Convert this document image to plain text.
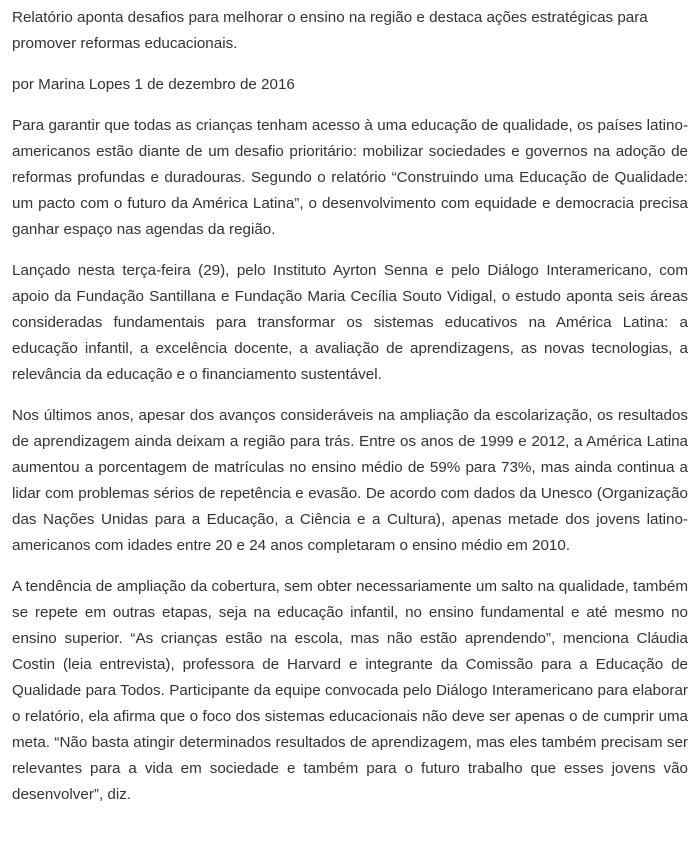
Relatório aponta desafios para melhorar o ensino na região e destaca ações estratégicas para promover reformas educacionais.

por Marina Lopes 1 de dezembro de 2016

Para garantir que todas as crianças tenham acesso à uma educação de qualidade, os países latino-americanos estão diante de um desafio prioritário: mobilizar sociedades e governos na adoção de reformas profundas e duradouras. Segundo o relatório “Construindo uma Educação de Qualidade: um pacto com o futuro da América Latina”, o desenvolvimento com equidade e democracia precisa ganhar espaço nas agendas da região.

Lançado nesta terça-feira (29), pelo Instituto Ayrton Senna e pelo Diálogo Interamericano, com apoio da Fundação Santillana e Fundação Maria Cecília Souto Vidigal, o estudo aponta seis áreas consideradas fundamentais para transformar os sistemas educativos na América Latina: a educação infantil, a excelência docente, a avaliação de aprendizagens, as novas tecnologias, a relevância da educação e o financiamento sustentável.

Nos últimos anos, apesar dos avanços consideráveis na ampliação da escolarização, os resultados de aprendizagem ainda deixam a região para trás. Entre os anos de 1999 e 2012, a América Latina aumentou a porcentagem de matrículas no ensino médio de 59% para 73%, mas ainda continua a lidar com problemas sérios de repetência e evasão. De acordo com dados da Unesco (Organização das Nações Unidas para a Educação, a Ciência e a Cultura), apenas metade dos jovens latino-americanos com idades entre 20 e 24 anos completaram o ensino médio em 2010.

A tendência de ampliação da cobertura, sem obter necessariamente um salto na qualidade, também se repete em outras etapas, seja na educação infantil, no ensino fundamental e até mesmo no ensino superior. “As crianças estão na escola, mas não estão aprendendo”, menciona Cláudia Costin (leia entrevista), professora de Harvard e integrante da Comissão para a Educação de Qualidade para Todos. Participante da equipe convocada pelo Diálogo Interamericano para elaborar o relatório, ela afirma que o foco dos sistemas educacionais não deve ser apenas o de cumprir uma meta. “Não basta atingir determinados resultados de aprendizagem, mas eles também precisam ser relevantes para a vida em sociedade e também para o futuro trabalho que esses jovens vão desenvolver”, diz.
